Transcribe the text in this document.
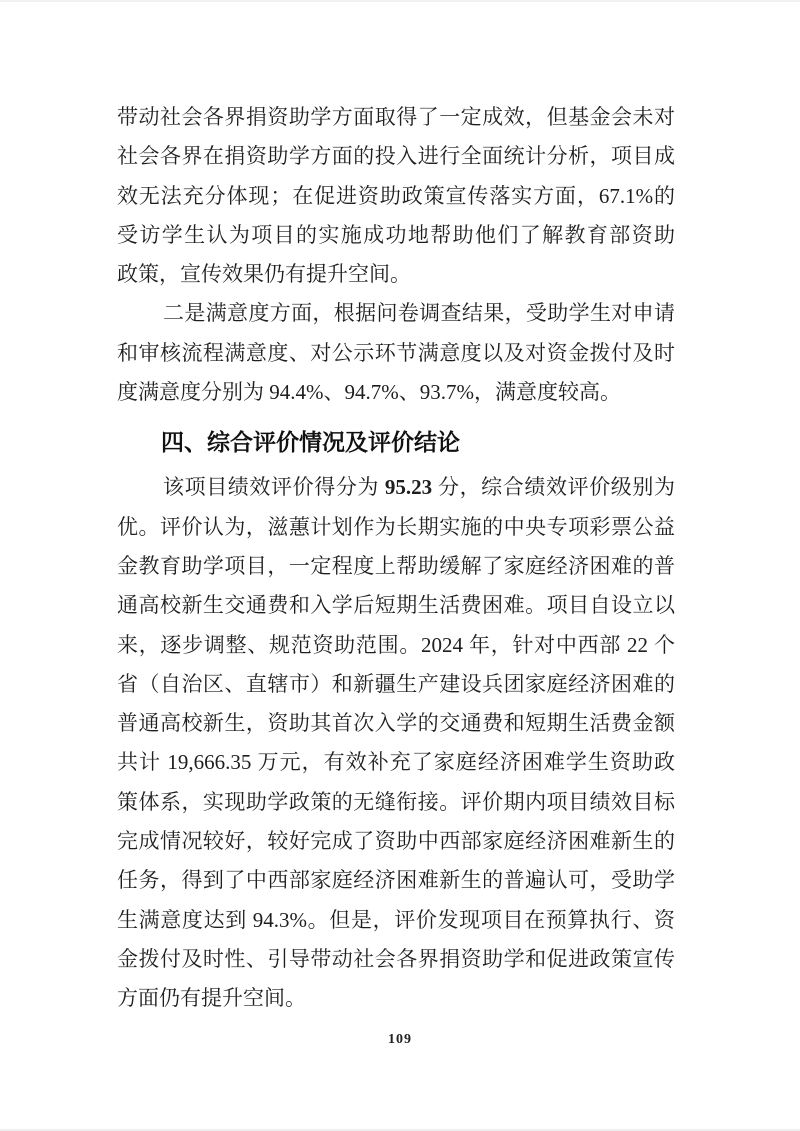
带动社会各界捐资助学方面取得了一定成效，但基金会未对

社会各界在捐资助学方面的投入进行全面统计分析，项目成

效无法充分体现；在促进资助政策宣传落实方面，67.1%的

受访学生认为项目的实施成功地帮助他们了解教育部资助

政策，宣传效果仍有提升空间。

二是满意度方面，根据问卷调查结果，受助学生对申请

和审核流程满意度、对公示环节满意度以及对资金拨付及时

度满意度分别为 94.4%、94.7%、93.7%，满意度较高。

四、综合评价情况及评价结论

该项目绩效评价得分为 95.23 分，综合绩效评价级别为

优。评价认为，滋蕙计划作为长期实施的中央专项彩票公益

金教育助学项目，一定程度上帮助缓解了家庭经济困难的普

通高校新生交通费和入学后短期生活费困难。项目自设立以

来，逐步调整、规范资助范围。2024 年，针对中西部 22 个

省（自治区、直辖市）和新疆生产建设兵团家庭经济困难的

普通高校新生，资助其首次入学的交通费和短期生活费金额

共计 19,666.35 万元，有效补充了家庭经济困难学生资助政

策体系，实现助学政策的无缝衔接。评价期内项目绩效目标

完成情况较好，较好完成了资助中西部家庭经济困难新生的

任务，得到了中西部家庭经济困难新生的普遍认可，受助学

生满意度达到 94.3%。但是，评价发现项目在预算执行、资

金拨付及时性、引导带动社会各界捐资助学和促进政策宣传

方面仍有提升空间。

109
